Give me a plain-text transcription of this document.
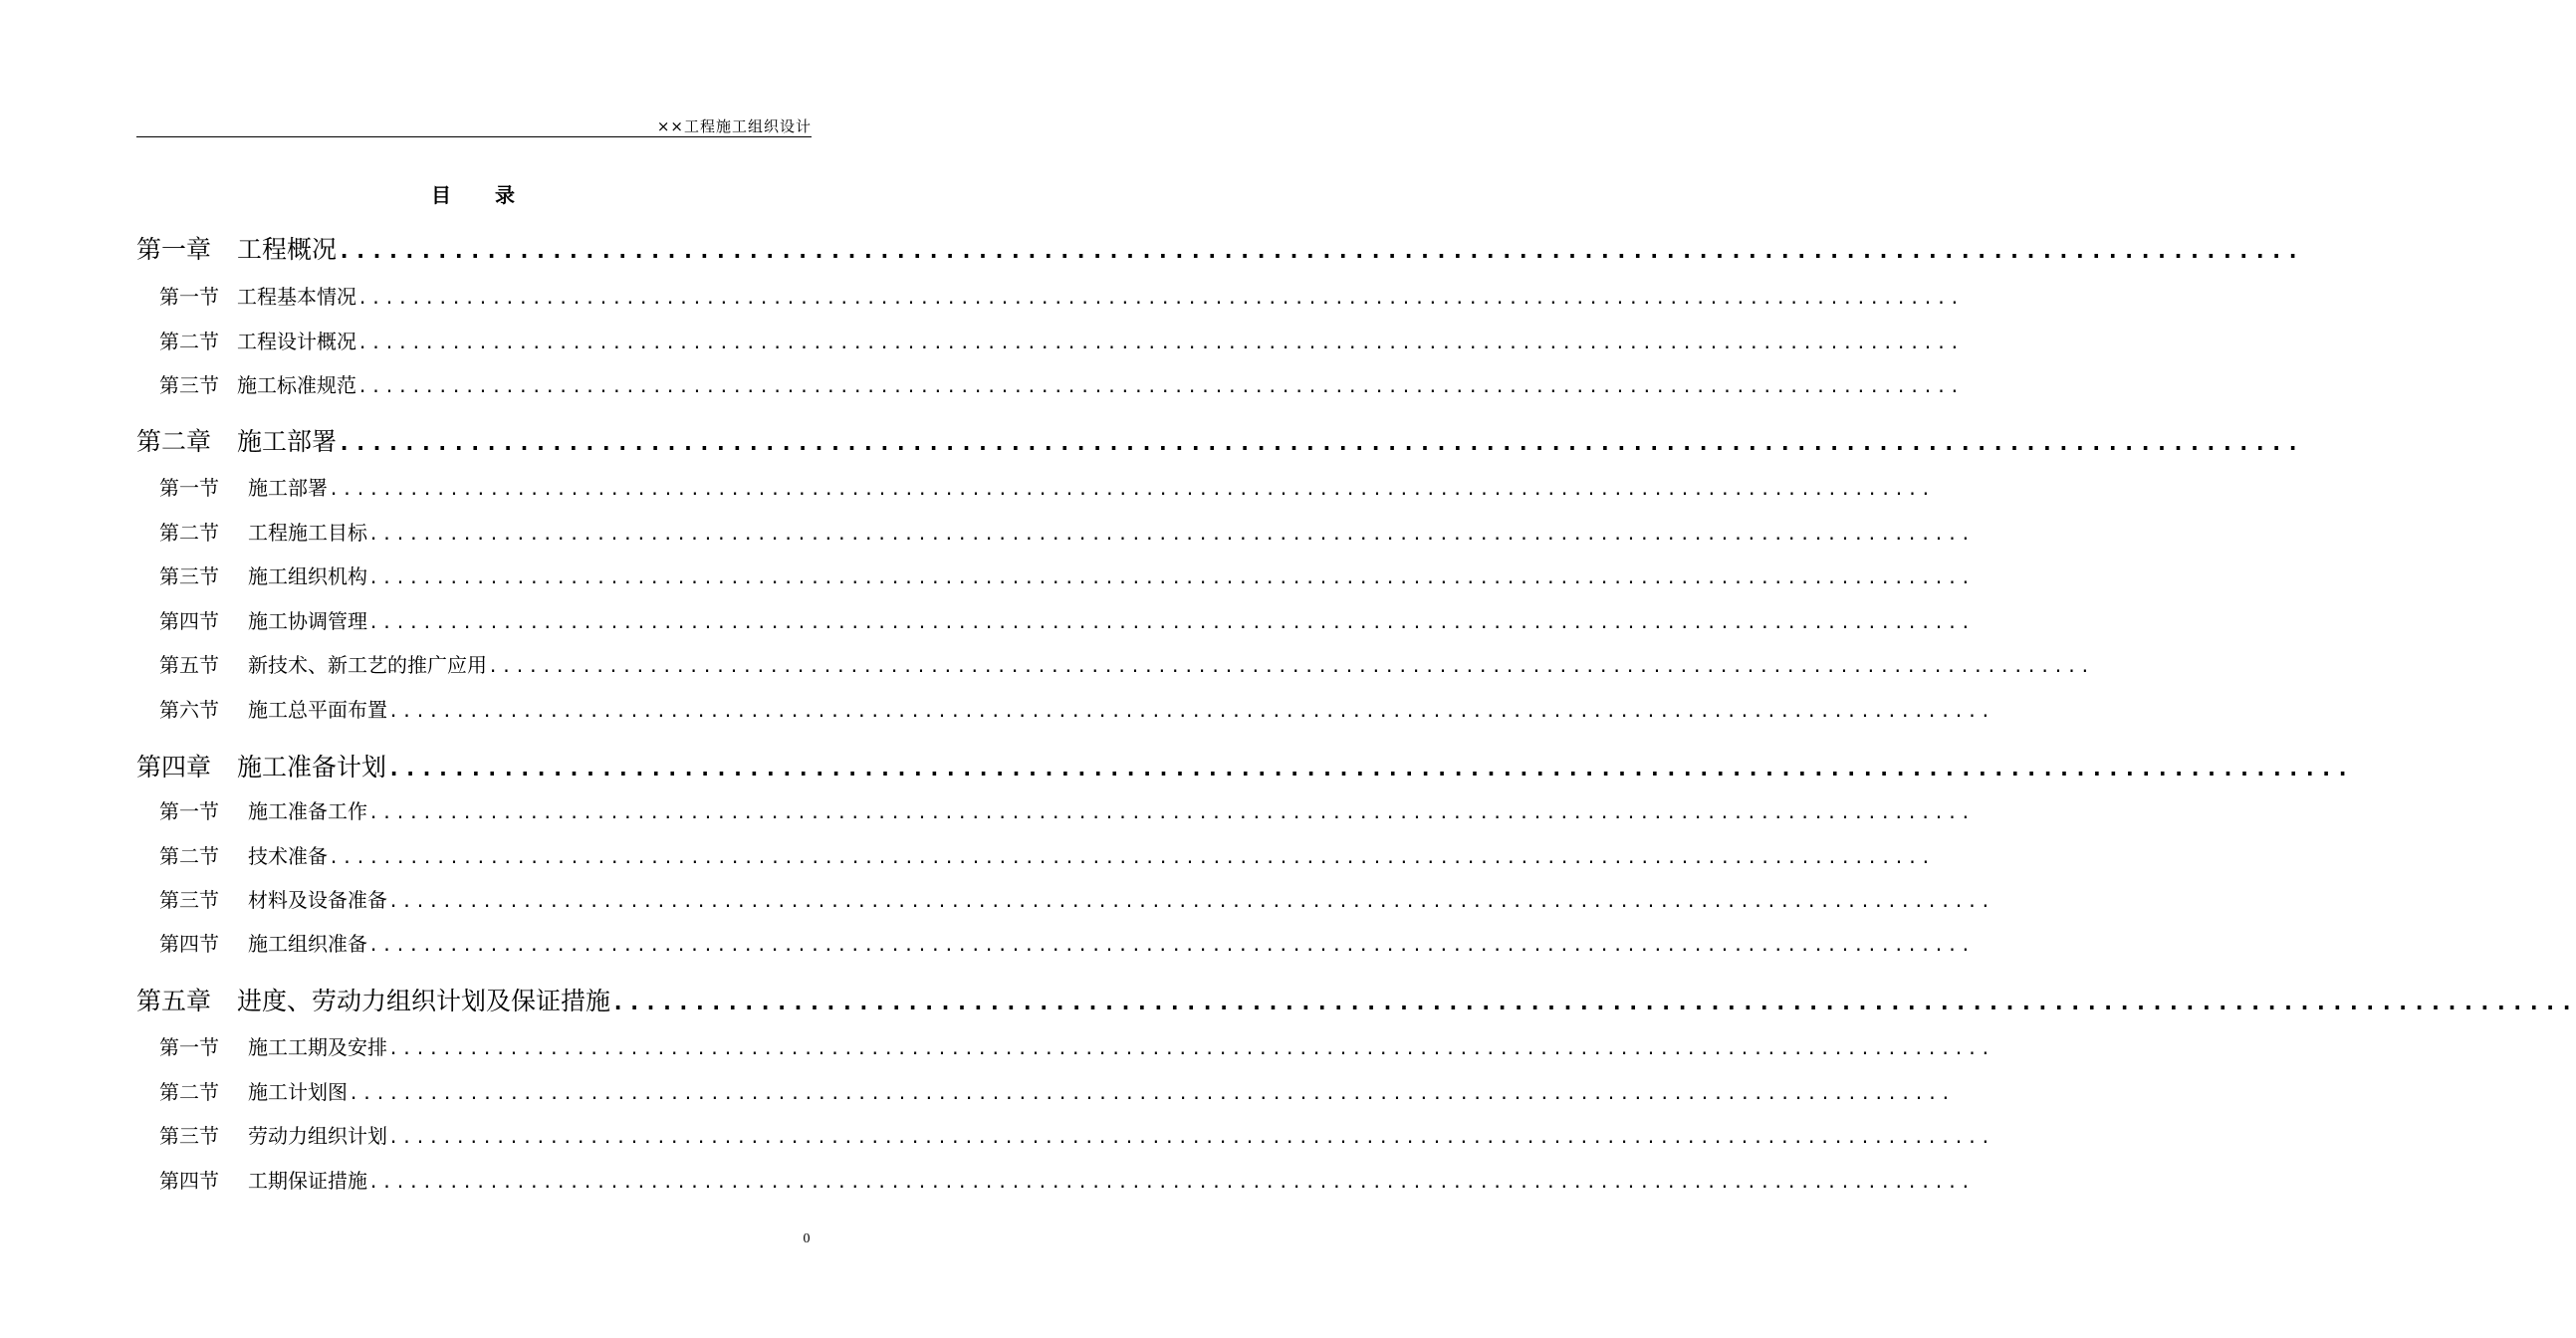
××工程施工组织设计
目 录
第一章	工程概况 ........................................................................................................................
第一节 工程基本情况 ........................................................................................................................
第二节 工程设计概况 ........................................................................................................................
第三节 施工标准规范 ........................................................................................................................
第二章	施工部署 ........................................................................................................................
第一节	施工部署 ........................................................................................................................
第二节	工程施工目标 ........................................................................................................................
第三节	施工组织机构 ........................................................................................................................
第四节	施工协调管理 ........................................................................................................................
第五节	新技术、新工艺的推广应用 ........................................................................................................................
第六节	施工总平面布置 ........................................................................................................................
第四章	施工准备计划 ........................................................................................................................
第一节	施工准备工作 ........................................................................................................................
第二节	技术准备 ........................................................................................................................
第三节	材料及设备准备 ........................................................................................................................
第四节	施工组织准备 ........................................................................................................................
第五章	进度、劳动力组织计划及保证措施 ........................................................................................................................
第一节	施工工期及安排 ........................................................................................................................
第二节	施工计划图 ........................................................................................................................
第三节	劳动力组织计划 ........................................................................................................................
第四节	工期保证措施 ........................................................................................................................
0
